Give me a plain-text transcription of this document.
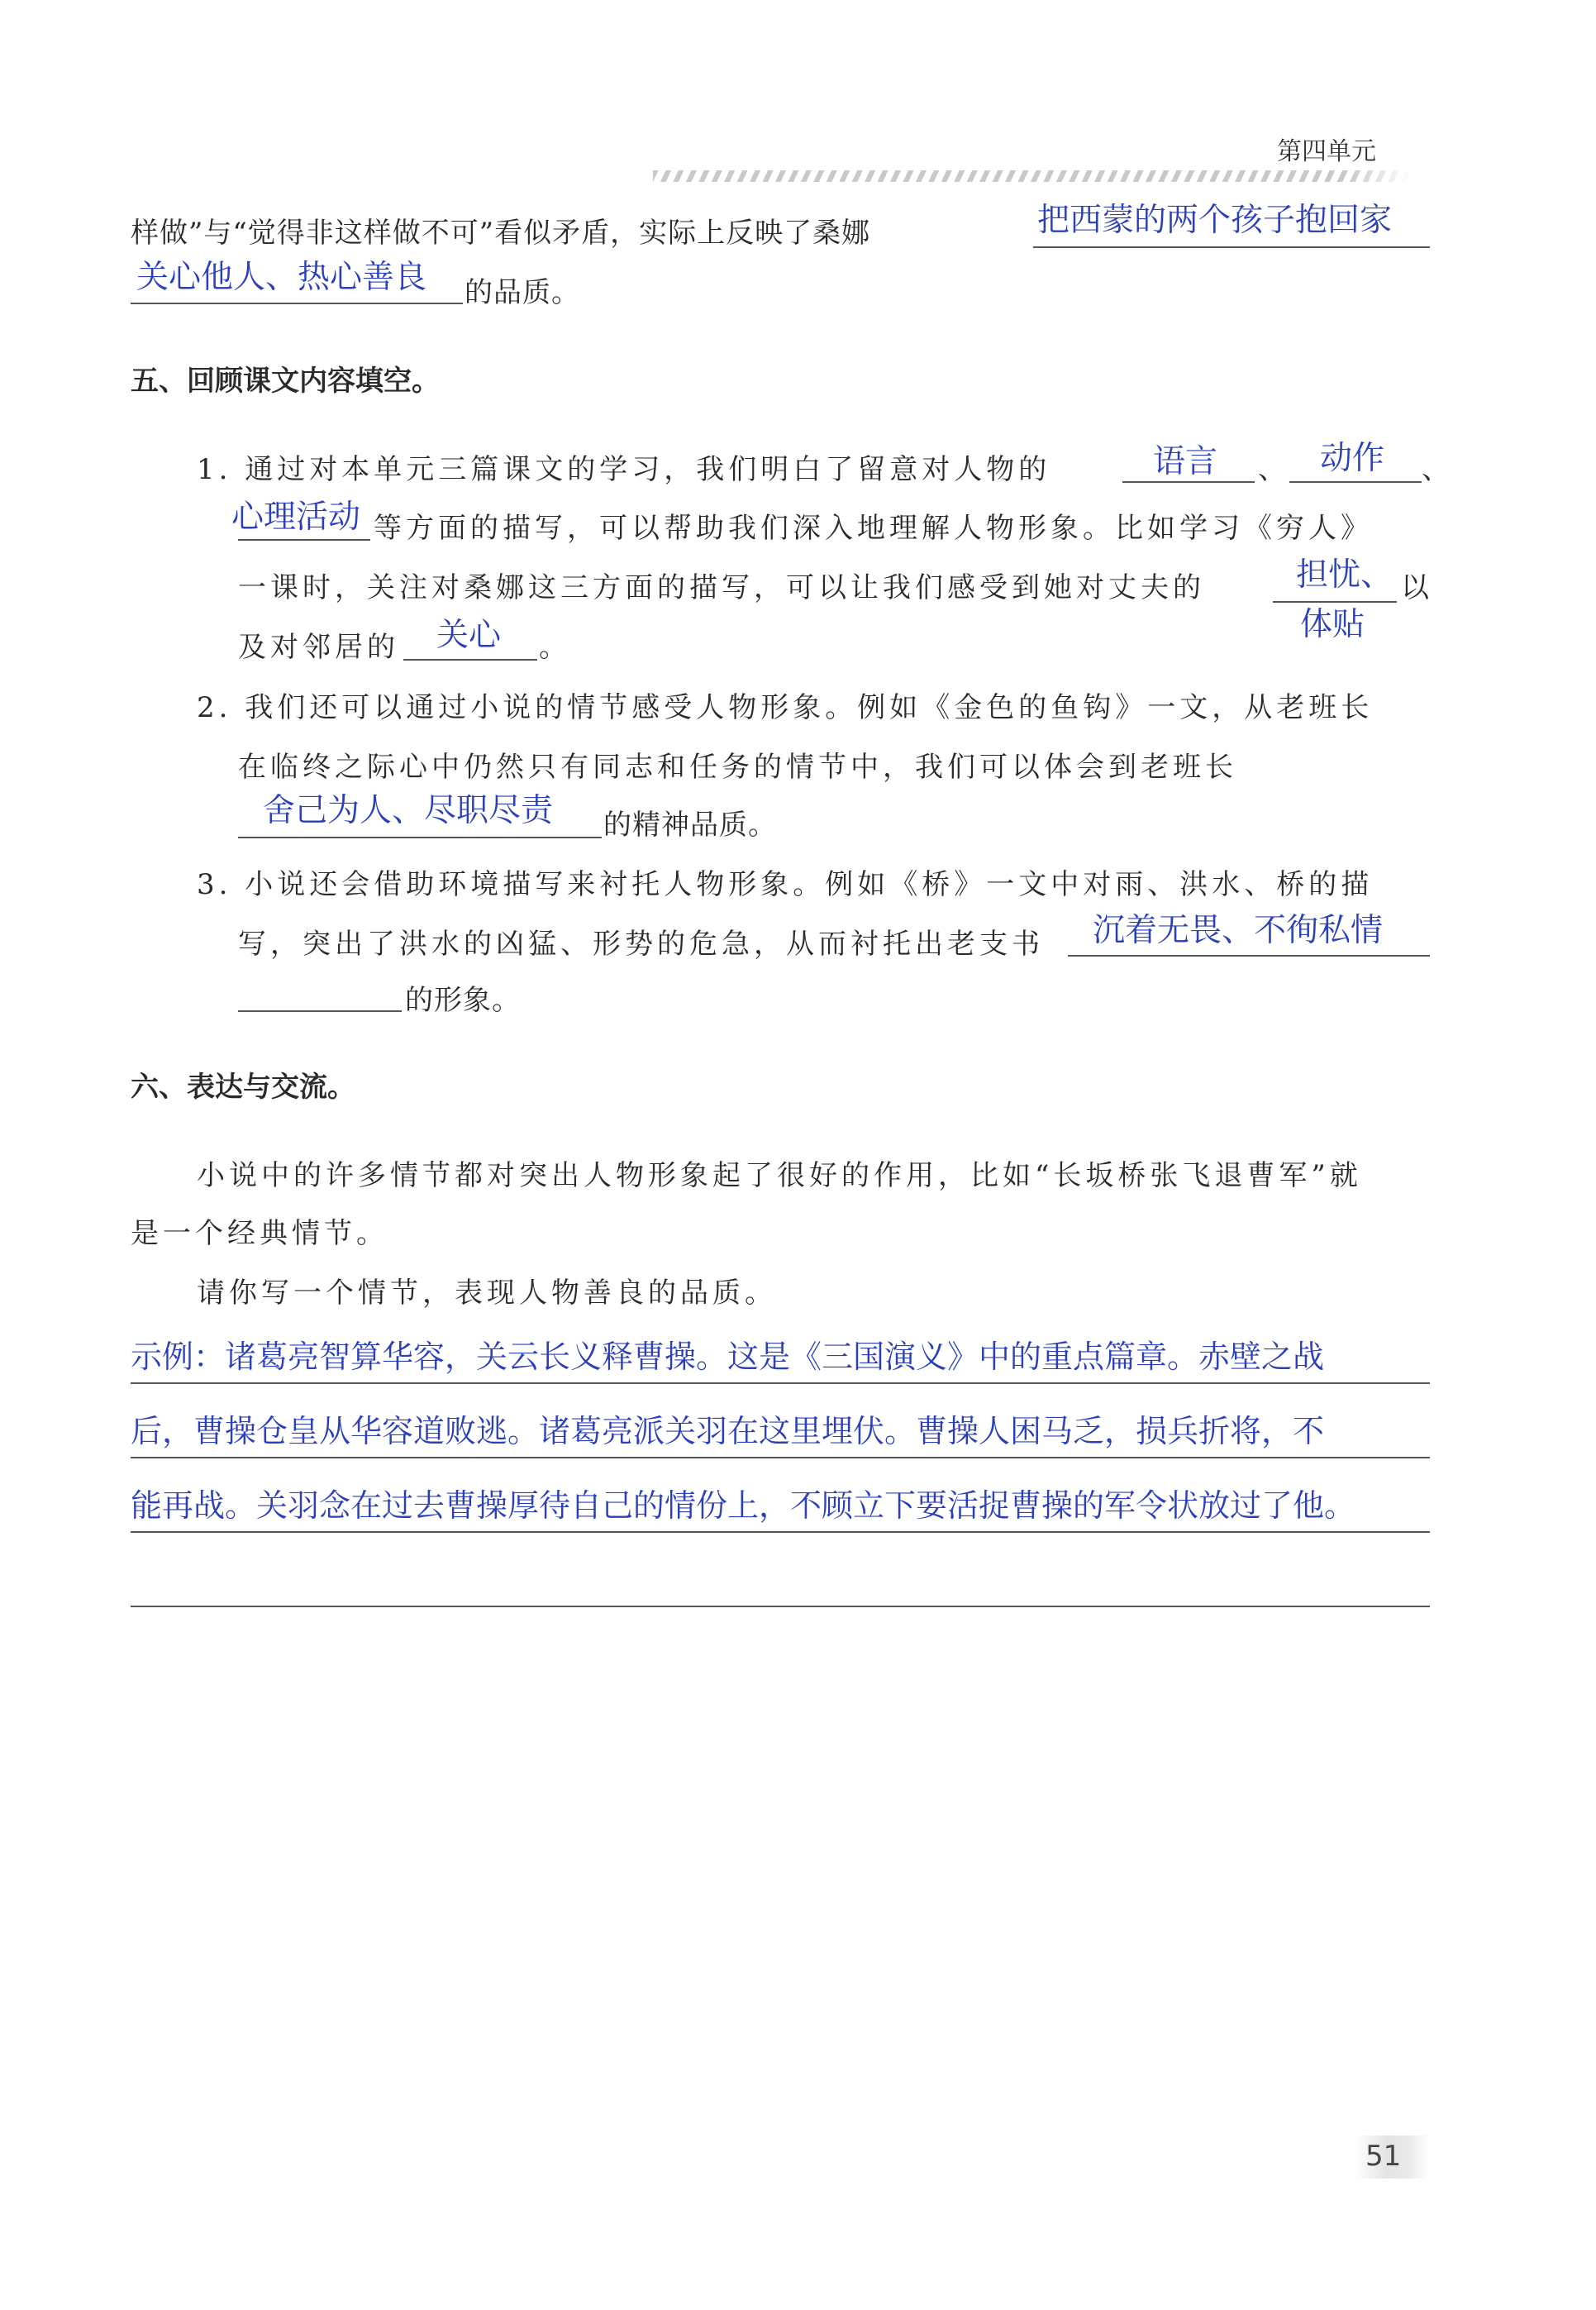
第四单元
样做”与“觉得非这样做不可”看似矛盾，实际上反映了桑娜	把西蒙的两个孩子抱回家
关心他人、热心善良 的品质。
五、回顾课文内容填空。
1. 通过对本单元三篇课文的学习，我们明白了留意对人物的	语言 、 动作 、
心理活动 等方面的描写，可以帮助我们深入地理解人物形象。比如学习《穷人》
一课时，关注对桑娜这三方面的描写，可以让我们感受到她对丈夫的	担忧、
体贴
以
及对邻居的 关心 。
2. 我们还可以通过小说的情节感受人物形象。例如《金色的鱼钩》一文，从老班长
在临终之际心中仍然只有同志和任务的情节中，我们可以体会到老班长
舍己为人、尽职尽责 的精神品质。
3. 小说还会借助环境描写来衬托人物形象。例如《桥》一文中对雨、洪水、桥的描
写，突出了洪水的凶猛、形势的危急，从而衬托出老支书 沉着无畏、不徇私情
的形象。
六、表达与交流。
小说中的许多情节都对突出人物形象起了很好的作用，比如“长坂桥张飞退曹军”就
是一个经典情节。
请你写一个情节，表现人物善良的品质。
示例：诸葛亮智算华容，关云长义释曹操。这是《三国演义》中的重点篇章。赤壁之战
后，曹操仓皇从华容道败逃。诸葛亮派关羽在这里埋伏。曹操人困马乏，损兵折将，不
能再战。关羽念在过去曹操厚待自己的情份上，不顾立下要活捉曹操的军令状放过了他。
51
